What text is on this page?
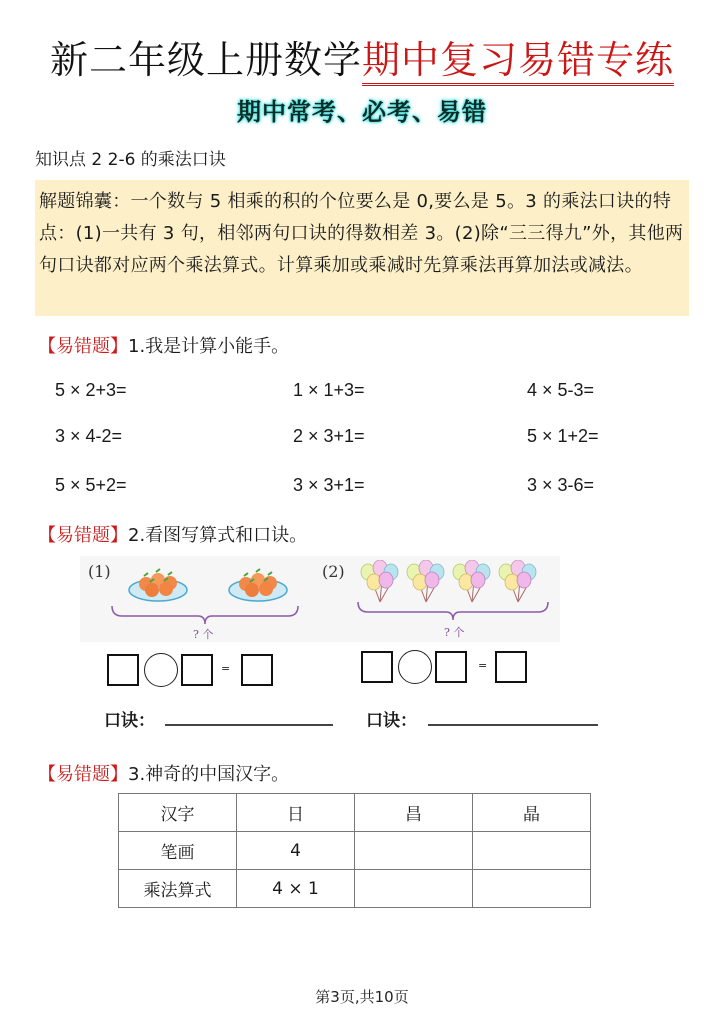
新二年级上册数学期中复习易错专练
期中常考、必考、易错
知识点 2 2-6 的乘法口诀
解题锦囊：一个数与 5 相乘的积的个位要么是 0,要么是 5。3 的乘法口诀的特点：(1)一共有 3 句，相邻两句口诀的得数相差 3。(2)除“三三得九”外，其他两句口诀都对应两个乘法算式。计算乘加或乘减时先算乘法再算加法或减法。
【易错题】1.我是计算小能手。
5 × 2+3=	1 × 1+3=	4 × 5-3=
3 × 4-2=	2 × 3+1=	5 × 1+2=
5 × 5+2=	3 × 3+1=	3 × 3-6=
【易错题】2.看图写算式和口诀。
(1)
? 个
(2)
? 个
=
口诀：
=
口诀：
【易错题】3.神奇的中国汉字。
汉字	日	昌	晶
笔画	4		
乘法算式	4 × 1		
第3页,共10页
